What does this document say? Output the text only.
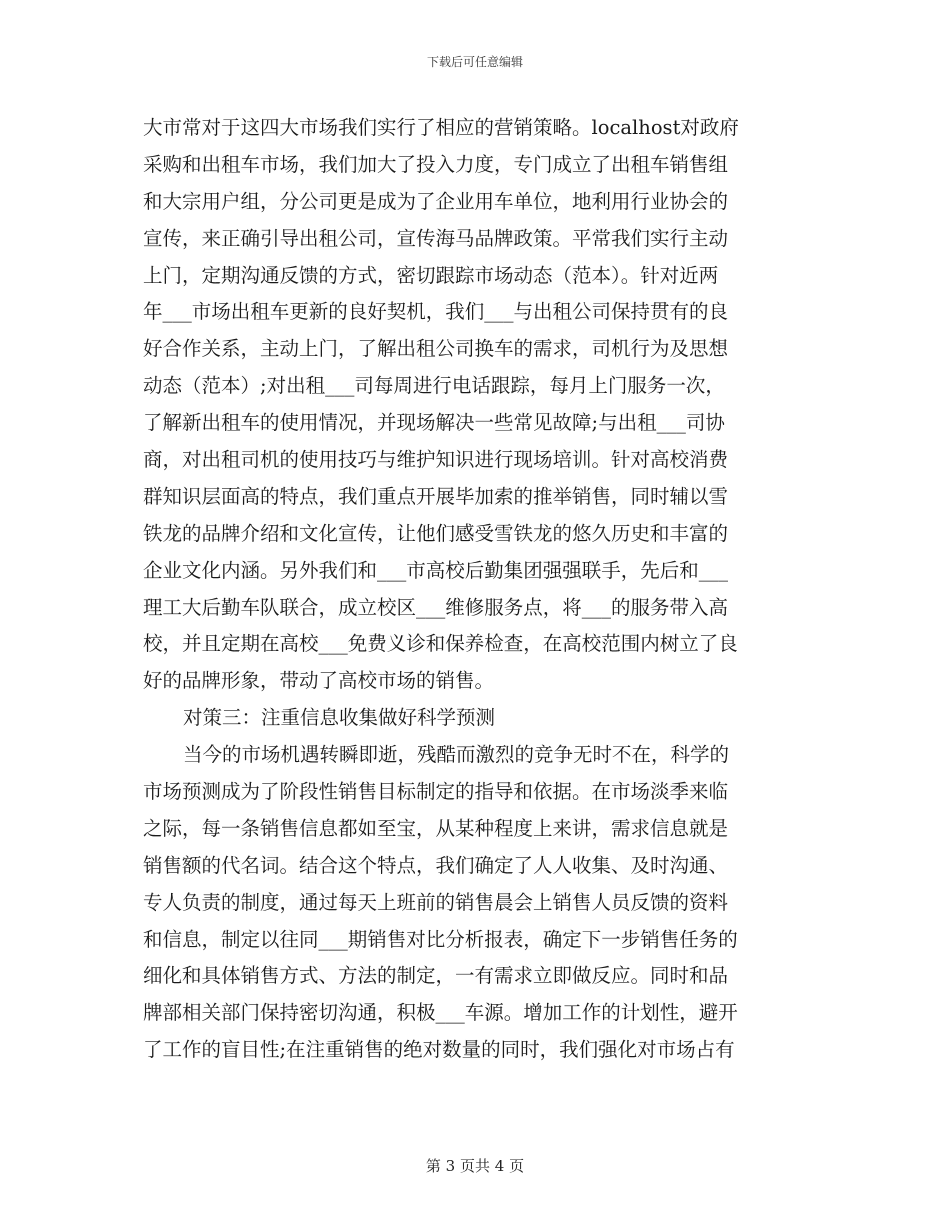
下载后可任意编辑
大市常对于这四大市场我们实行了相应的营销策略。localhost对政府
采购和出租车市场，我们加大了投入力度，专门成立了出租车销售组
和大宗用户组，分公司更是成为了企业用车单位，地利用行业协会的
宣传，来正确引导出租公司，宣传海马品牌政策。平常我们实行主动
上门，定期沟通反馈的方式，密切跟踪市场动态（范本）。针对近两
年___市场出租车更新的良好契机，我们___与出租公司保持贯有的良
好合作关系，主动上门，了解出租公司换车的需求，司机行为及思想
动态（范本）;对出租___司每周进行电话跟踪，每月上门服务一次，
了解新出租车的使用情况，并现场解决一些常见故障;与出租___司协
商，对出租司机的使用技巧与维护知识进行现场培训。针对高校消费
群知识层面高的特点，我们重点开展毕加索的推举销售，同时辅以雪
铁龙的品牌介绍和文化宣传，让他们感受雪铁龙的悠久历史和丰富的
企业文化内涵。另外我们和___市高校后勤集团强强联手，先后和___
理工大后勤车队联合，成立校区___维修服务点，将___的服务带入高
校，并且定期在高校___免费义诊和保养检查，在高校范围内树立了良
好的品牌形象，带动了高校市场的销售。
对策三：注重信息收集做好科学预测
当今的市场机遇转瞬即逝，残酷而激烈的竞争无时不在，科学的
市场预测成为了阶段性销售目标制定的指导和依据。在市场淡季来临
之际，每一条销售信息都如至宝，从某种程度上来讲，需求信息就是
销售额的代名词。结合这个特点，我们确定了人人收集、及时沟通、
专人负责的制度，通过每天上班前的销售晨会上销售人员反馈的资料
和信息，制定以往同___期销售对比分析报表，确定下一步销售任务的
细化和具体销售方式、方法的制定，一有需求立即做反应。同时和品
牌部相关部门保持密切沟通，积极___车源。增加工作的计划性，避开
了工作的盲目性;在注重销售的绝对数量的同时，我们强化对市场占有
第 3 页共 4 页
